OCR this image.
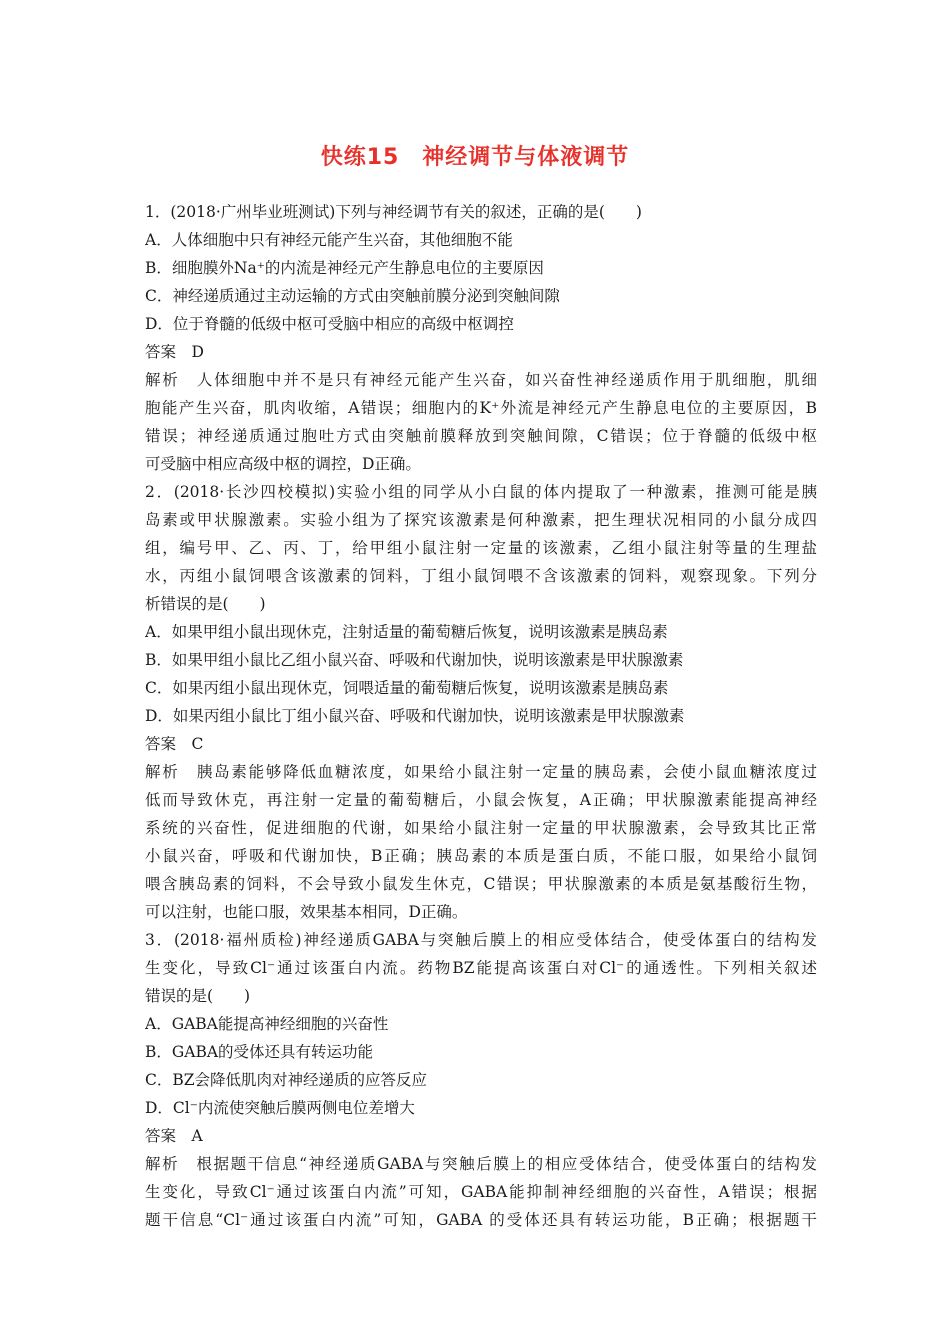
快练15　神经调节与体液调节
1．(2018·广州毕业班测试)下列与神经调节有关的叙述，正确的是(　　)
A．人体细胞中只有神经元能产生兴奋，其他细胞不能
B．细胞膜外Na⁺的内流是神经元产生静息电位的主要原因
C．神经递质通过主动运输的方式由突触前膜分泌到突触间隙
D．位于脊髓的低级中枢可受脑中相应的高级中枢调控
答案　D
解析　人体细胞中并不是只有神经元能产生兴奋，如兴奋性神经递质作用于肌细胞，肌细
胞能产生兴奋，肌肉收缩，A错误；细胞内的K⁺外流是神经元产生静息电位的主要原因，B
错误；神经递质通过胞吐方式由突触前膜释放到突触间隙，C错误；位于脊髓的低级中枢
可受脑中相应高级中枢的调控，D正确。
2．(2018·长沙四校模拟)实验小组的同学从小白鼠的体内提取了一种激素，推测可能是胰
岛素或甲状腺激素。实验小组为了探究该激素是何种激素，把生理状况相同的小鼠分成四
组，编号甲、乙、丙、丁，给甲组小鼠注射一定量的该激素，乙组小鼠注射等量的生理盐
水，丙组小鼠饲喂含该激素的饲料，丁组小鼠饲喂不含该激素的饲料，观察现象。下列分
析错误的是(　　)
A．如果甲组小鼠出现休克，注射适量的葡萄糖后恢复，说明该激素是胰岛素
B．如果甲组小鼠比乙组小鼠兴奋、呼吸和代谢加快，说明该激素是甲状腺激素
C．如果丙组小鼠出现休克，饲喂适量的葡萄糖后恢复，说明该激素是胰岛素
D．如果丙组小鼠比丁组小鼠兴奋、呼吸和代谢加快，说明该激素是甲状腺激素
答案　C
解析　胰岛素能够降低血糖浓度，如果给小鼠注射一定量的胰岛素，会使小鼠血糖浓度过
低而导致休克，再注射一定量的葡萄糖后，小鼠会恢复，A正确；甲状腺激素能提高神经
系统的兴奋性，促进细胞的代谢，如果给小鼠注射一定量的甲状腺激素，会导致其比正常
小鼠兴奋，呼吸和代谢加快，B正确；胰岛素的本质是蛋白质，不能口服，如果给小鼠饲
喂含胰岛素的饲料，不会导致小鼠发生休克，C错误；甲状腺激素的本质是氨基酸衍生物，
可以注射，也能口服，效果基本相同，D正确。
3．(2018·福州质检)神经递质GABA与突触后膜上的相应受体结合，使受体蛋白的结构发
生变化，导致Cl⁻通过该蛋白内流。药物BZ能提高该蛋白对Cl⁻的通透性。下列相关叙述
错误的是(　　)
A．GABA能提高神经细胞的兴奋性
B．GABA的受体还具有转运功能
C．BZ会降低肌肉对神经递质的应答反应
D．Cl⁻内流使突触后膜两侧电位差增大
答案　A
解析　根据题干信息“神经递质GABA与突触后膜上的相应受体结合，使受体蛋白的结构发
生变化，导致Cl⁻通过该蛋白内流”可知，GABA能抑制神经细胞的兴奋性，A错误；根据
题干信息“Cl⁻通过该蛋白内流”可知，GABA 的受体还具有转运功能，B正确；根据题干
